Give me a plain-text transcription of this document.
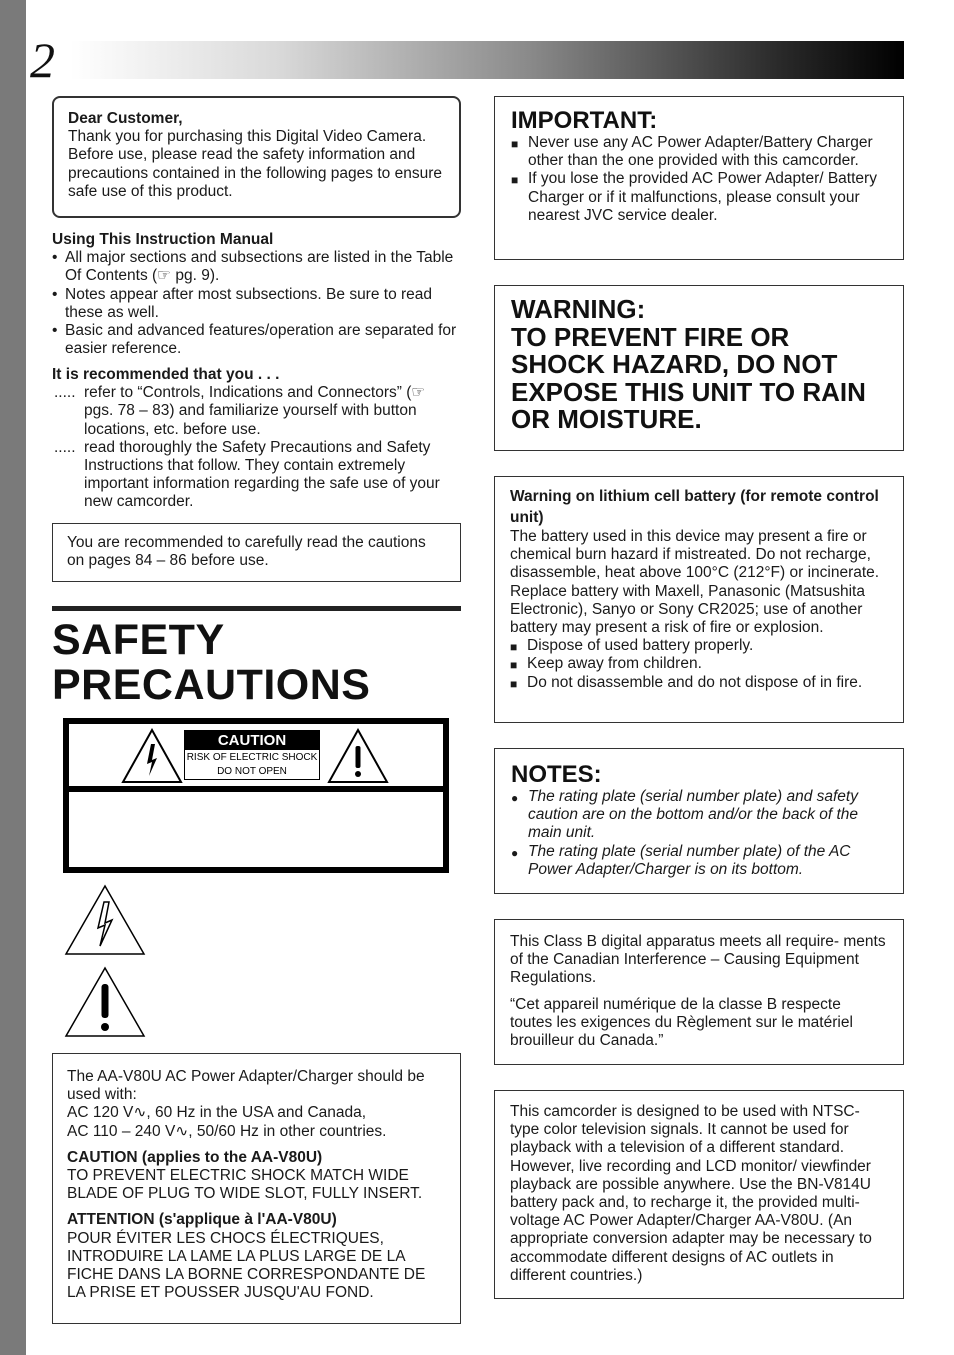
2

Dear Customer,

Thank you for purchasing this Digital Video Camera. Before use, please read the safety information and precautions contained in the following pages to ensure safe use of this product.

Using This Instruction Manual

• All major sections and subsections are listed in the Table Of Contents (☞ pg. 9).
• Notes appear after most subsections. Be sure to read these as well.
• Basic and advanced features/operation are separated for easier reference.

It is recommended that you . . .

..... refer to “Controls, Indications and Connectors” (☞ pgs. 78 – 83) and familiarize yourself with button locations, etc. before use.
..... read thoroughly the Safety Precautions and Safety Instructions that follow. They contain extremely important information regarding the safe use of your new camcorder.

You are recommended to carefully read the cautions on pages 84 – 86 before use.

SAFETY
PRECAUTIONS
CAUTION
RISK OF ELECTRIC SHOCK
DO NOT OPEN

The AA-V80U AC Power Adapter/Charger should be used with:

AC 120 V∿, 60 Hz in the USA and Canada,

AC 110 – 240 V∿, 50/60 Hz in other countries.

CAUTION (applies to the AA-V80U)

TO PREVENT ELECTRIC SHOCK MATCH WIDE BLADE OF PLUG TO WIDE SLOT, FULLY INSERT.

ATTENTION (s'applique à l'AA-V80U)

POUR ÉVITER LES CHOCS ÉLECTRIQUES, INTRODUIRE LA LAME LA PLUS LARGE DE LA FICHE DANS LA BORNE CORRESPONDANTE DE LA PRISE ET POUSSER JUSQU'AU FOND.

IMPORTANT:

■ Never use any AC Power Adapter/Battery Charger other than the one provided with this camcorder.
■ If you lose the provided AC Power Adapter/ Battery Charger or if it malfunctions, please consult your nearest JVC service dealer.

WARNING:

TO PREVENT FIRE OR SHOCK HAZARD, DO NOT EXPOSE THIS UNIT TO RAIN OR MOISTURE.

Warning on lithium cell battery (for remote control unit)

The battery used in this device may present a fire or chemical burn hazard if mistreated. Do not recharge, disassemble, heat above 100°C (212°F) or incinerate.

Replace battery with Maxell, Panasonic (Matsushita Electronic), Sanyo or Sony CR2025; use of another battery may present a risk of fire or explosion.

■ Dispose of used battery properly.
■ Keep away from children.
■ Do not disassemble and do not dispose of in fire.

NOTES:

● The rating plate (serial number plate) and safety caution are on the bottom and/or the back of the main unit.
● The rating plate (serial number plate) of the AC Power Adapter/Charger is on its bottom.

This Class B digital apparatus meets all require- ments of the Canadian Interference – Causing Equipment Regulations.

“Cet appareil numérique de la classe B respecte toutes les exigences du Règlement sur le matériel brouilleur du Canada.”

This camcorder is designed to be used with NTSC- type color television signals. It cannot be used for playback with a television of a different standard. However, live recording and LCD monitor/ viewfinder playback are possible anywhere. Use the BN-V814U battery pack and, to recharge it, the provided multi-voltage AC Power Adapter/Charger AA-V80U. (An appropriate conversion adapter may be necessary to accommodate different designs of AC outlets in different countries.)
